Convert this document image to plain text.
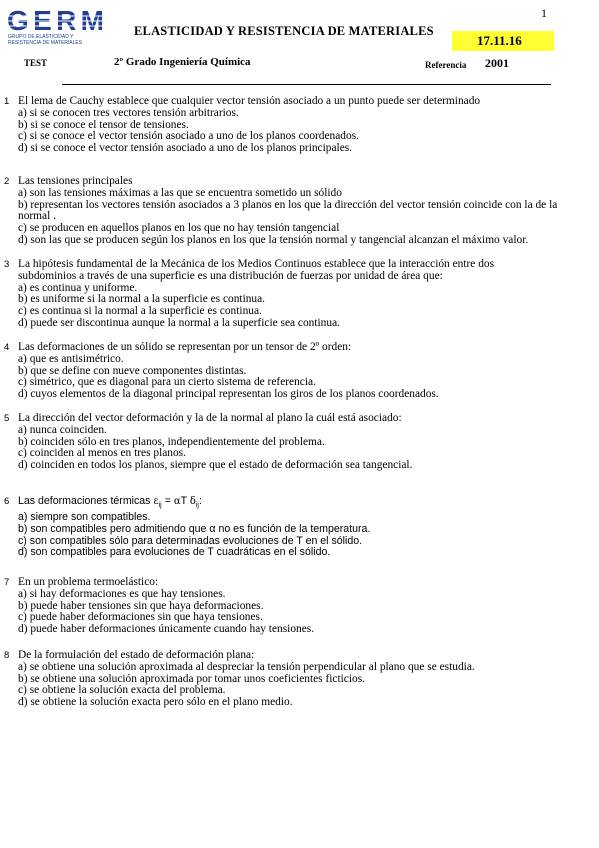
1
GERM
GRUPO DE ELASTICIDAD Y
RESISTENCIA DE MATERIALES
ELASTICIDAD Y RESISTENCIA DE MATERIALES
17.11.16
TEST	2º Grado Ingeniería Química	Referencia 2001
1 El lema de Cauchy establece que cualquier vector tensión asociado a un punto puede ser determinado
a) si se conocen tres vectores tensión arbitrarios.
b) si se conoce el tensor de tensiones.
c) si se conoce el vector tensión asociado a uno de los planos coordenados.
d) si se conoce el vector tensión asociado a uno de los planos principales.
2 Las tensiones principales
a) son las tensiones máximas a las que se encuentra sometido un sólido
b) representan los vectores tensión asociados a 3 planos en los que la dirección del vector tensión coincide con la de la normal .
c) se producen en aquellos planos en los que no hay tensión tangencial
d) son las que se producen según los planos en los que la tensión normal y tangencial alcanzan el máximo valor.
3 La hipótesis fundamental de la Mecánica de los Medios Continuos establece que la interacción entre dos
subdominios a través de una superficie es una distribución de fuerzas por unidad de área que:
a) es continua y uniforme.
b) es uniforme si la normal a la superficie es continua.
c) es continua si la normal a la superficie es continua.
d) puede ser discontinua aunque la normal a la superficie sea continua.
4 Las deformaciones de un sólido se representan por un tensor de 2º orden:
a) que es antisimétrico.
b) que se define con nueve componentes distintas.
c) simétrico, que es diagonal para un cierto sistema de referencia.
d) cuyos elementos de la diagonal principal representan los giros de los planos coordenados.
5 La dirección del vector deformación y la de la normal al plano la cuál está asociado:
a) nunca coinciden.
b) coinciden sólo en tres planos, independientemente del problema.
c) coinciden al menos en tres planos.
d) coinciden en todos los planos, siempre que el estado de deformación sea tangencial.
6 Las deformaciones térmicas $\varepsilon_{ij} = \alpha T$ $\delta_{ij}$:
a) siempre son compatibles.
b) son compatibles pero admitiendo que α no es función de la temperatura.
c) son compatibles sólo para determinadas evoluciones de T en el sólido.
d) son compatibles para evoluciones de T cuadráticas en el sólido.
7 En un problema termoelástico:
a) si hay deformaciones es que hay tensiones.
b) puede haber tensiones sin que haya deformaciones.
c) puede haber deformaciones sin que haya tensiones.
d) puede haber deformaciones únicamente cuando hay tensiones.
8 De la formulación del estado de deformación plana:
a) se obtiene una solución aproximada al despreciar la tensión perpendicular al plano que se estudia.
b) se obtiene una solución aproximada por tomar unos coeficientes ficticios.
c) se obtiene la solución exacta del problema.
d) se obtiene la solución exacta pero sólo en el plano medio.
